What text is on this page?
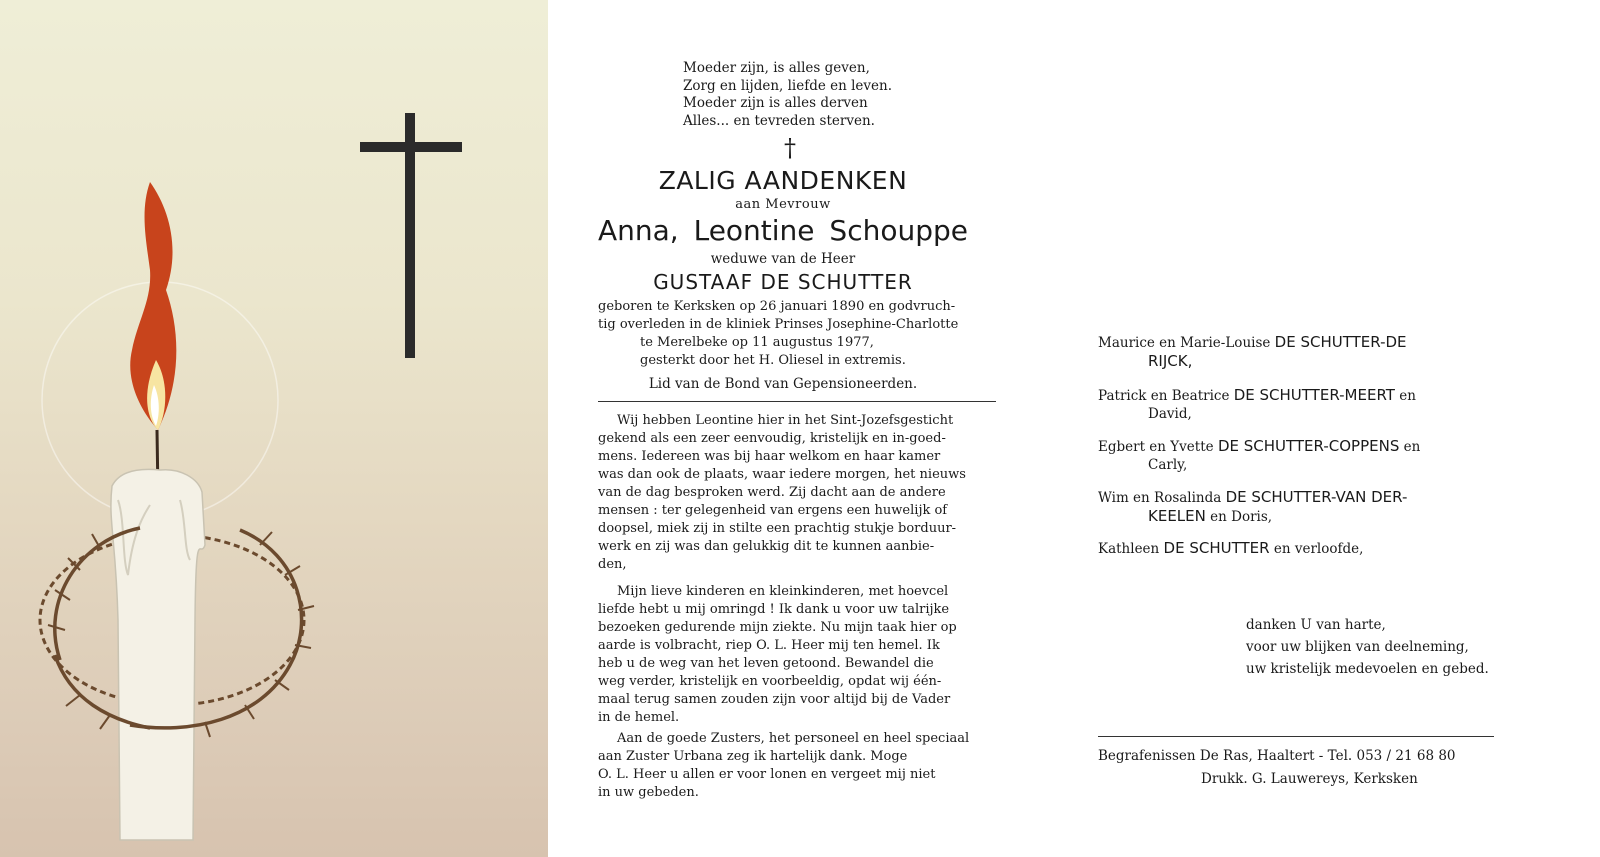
Moeder zijn, is alles geven,
Zorg en lijden, liefde en leven.
Moeder zijn is alles derven
Alles... en tevreden sterven.
†
ZALIG AANDENKEN
aan Mevrouw
Anna, Leontine Schouppe
weduwe van de Heer
GUSTAAF DE SCHUTTER
geboren te Kerksken op 26 januari 1890 en godvruch-
tig overleden in de kliniek Prinses Josephine-Charlotte
te Merelbeke op 11 augustus 1977,
gesterkt door het H. Oliesel in extremis.
Lid van de Bond van Gepensioneerden.
Wij hebben Leontine hier in het Sint-Jozefsgesticht
gekend als een zeer eenvoudig, kristelijk en in-goed-
mens. Iedereen was bij haar welkom en haar kamer
was dan ook de plaats, waar iedere morgen, het nieuws
van de dag besproken werd. Zij dacht aan de andere
mensen : ter gelegenheid van ergens een huwelijk of
doopsel, miek zij in stilte een prachtig stukje borduur-
werk en zij was dan gelukkig dit te kunnen aanbie-
den,
Mijn lieve kinderen en kleinkinderen, met hoevcel
liefde hebt u mij omringd ! Ik dank u voor uw talrijke
bezoeken gedurende mijn ziekte. Nu mijn taak hier op
aarde is volbracht, riep O. L. Heer mij ten hemel. Ik
heb u de weg van het leven getoond. Bewandel die
weg verder, kristelijk en voorbeeldig, opdat wij één-
maal terug samen zouden zijn voor altijd bij de Vader
in de hemel.
Aan de goede Zusters, het personeel en heel speciaal
aan Zuster Urbana zeg ik hartelijk dank. Moge
O. L. Heer u allen er voor lonen en vergeet mij niet
in uw gebeden.
Maurice en Marie-Louise DE SCHUTTER-DE
RIJCK,
Patrick en Beatrice DE SCHUTTER-MEERT en
David,
Egbert en Yvette DE SCHUTTER-COPPENS en
Carly,
Wim en Rosalinda DE SCHUTTER-VAN DER-
KEELEN en Doris,
Kathleen DE SCHUTTER en verloofde,
danken U van harte,
voor uw blijken van deelneming,
uw kristelijk medevoelen en gebed.
Begrafenissen De Ras, Haaltert - Tel. 053 / 21 68 80
Drukk. G. Lauwereys, Kerksken
